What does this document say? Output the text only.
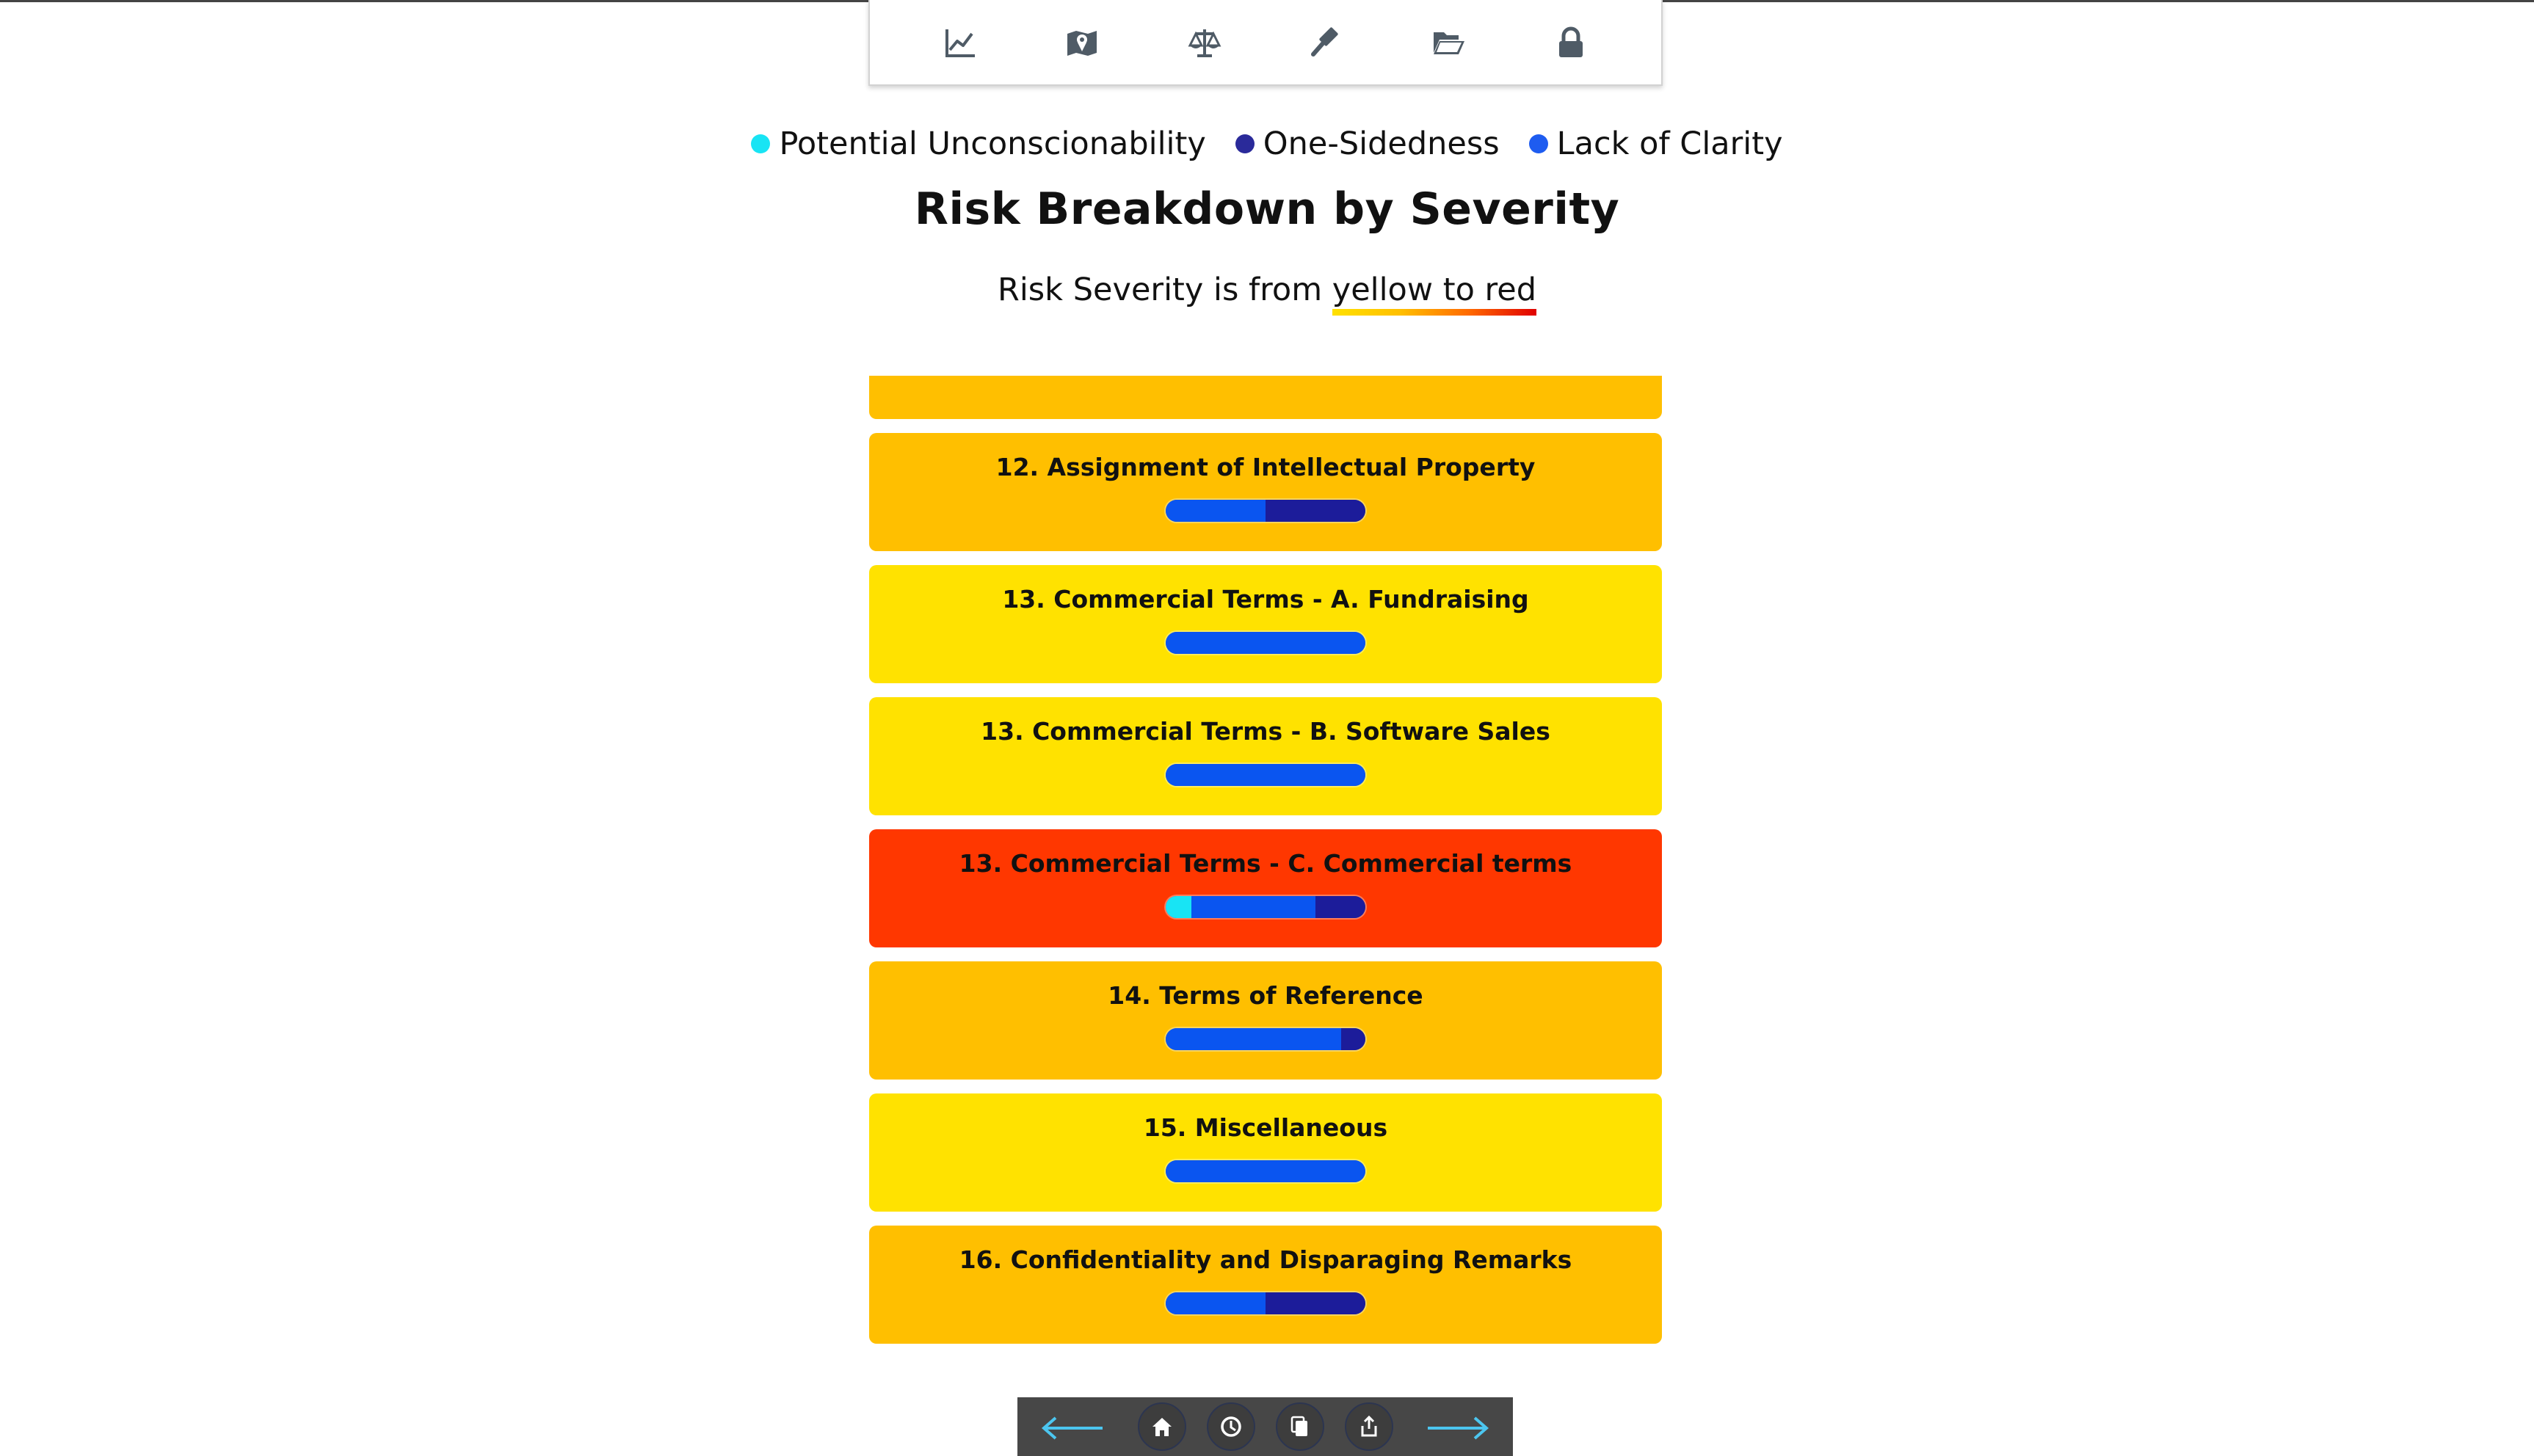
Potential Unconscionability One-Sidedness Lack of Clarity
Risk Breakdown by Severity
Risk Severity is from yellow to red
12. Assignment of Intellectual Property
13. Commercial Terms - A. Fundraising
13. Commercial Terms - B. Software Sales
13. Commercial Terms - C. Commercial terms
14. Terms of Reference
15. Miscellaneous
16. Confidentiality and Disparaging Remarks
